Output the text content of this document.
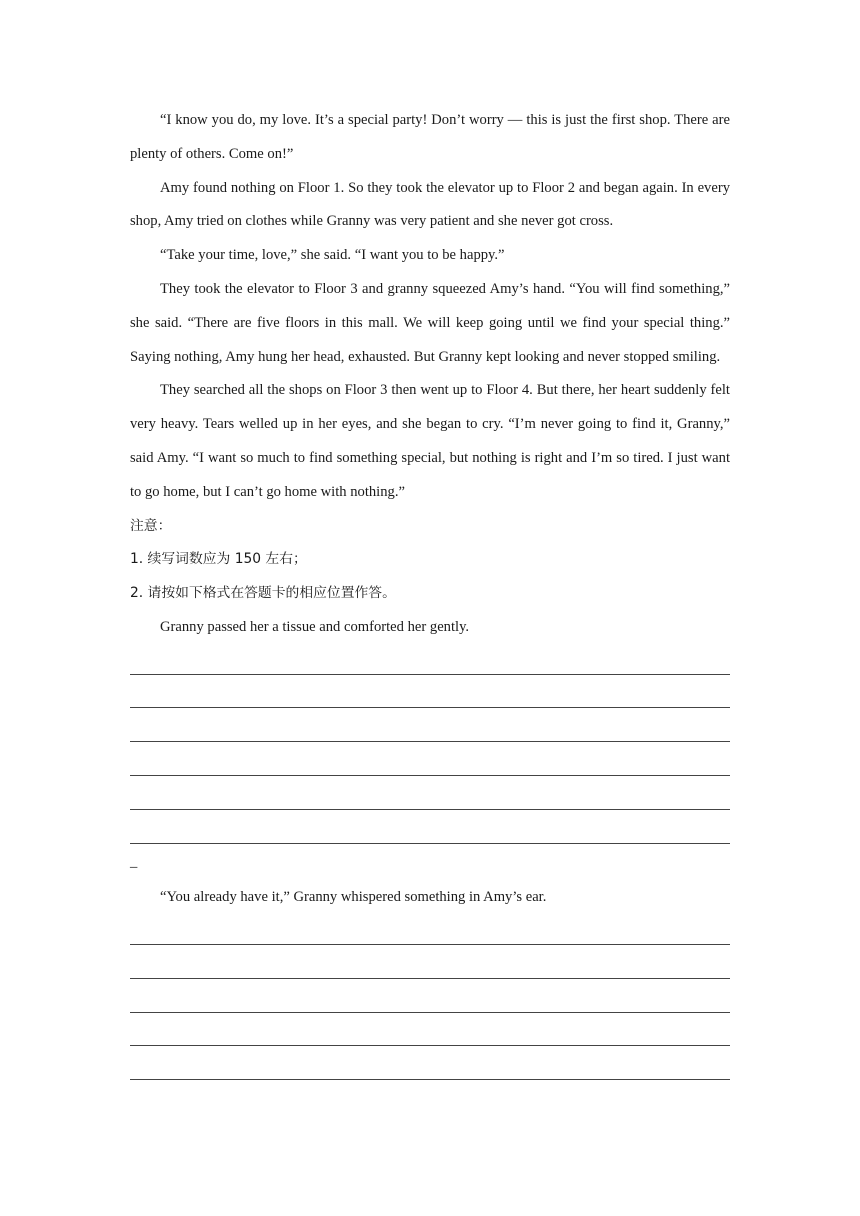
“I know you do, my love. It’s a special party! Don’t worry — this is just the first shop. There are plenty of others. Come on!”

Amy found nothing on Floor 1. So they took the elevator up to Floor 2 and began again. In every shop, Amy tried on clothes while Granny was very patient and she never got cross.

“Take your time, love,” she said. “I want you to be happy.”

They took the elevator to Floor 3 and granny squeezed Amy’s hand. “You will find something,” she said. “There are five floors in this mall. We will keep going until we find your special thing.” Saying nothing, Amy hung her head, exhausted. But Granny kept looking and never stopped smiling.

They searched all the shops on Floor 3 then went up to Floor 4. But there, her heart suddenly felt very heavy. Tears welled up in her eyes, and she began to cry. “I’m never going to find it, Granny,” said Amy. “I want so much to find something special, but nothing is right and I’m so tired. I just want to go home, but I can’t go home with nothing.”

注意：

1. 续写词数应为 150 左右；

2. 请按如下格式在答题卡的相应位置作答。

Granny passed her a tissue and comforted her gently.

_

“You already have it,” Granny whispered something in Amy’s ear.
